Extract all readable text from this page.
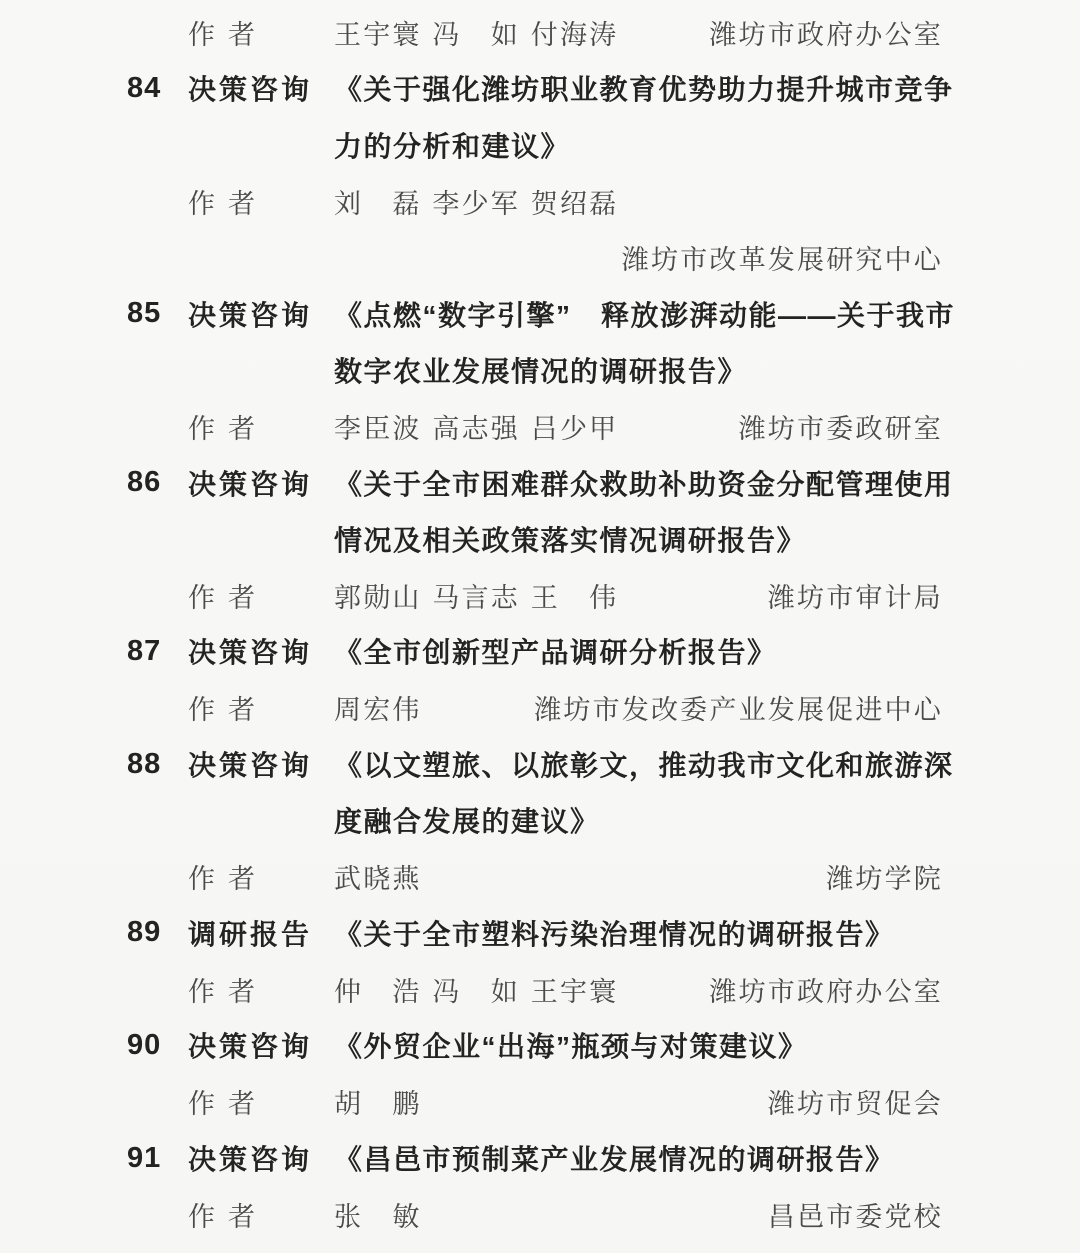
作 者	王宇寰 冯　如 付海涛	潍坊市政府办公室
84 决策咨询 《关于强化潍坊职业教育优势助力提升城市竞争
力的分析和建议》
作 者	刘　磊 李少军 贺绍磊
潍坊市改革发展研究中心
85 决策咨询 《点燃“数字引擎”　释放澎湃动能——关于我市
数字农业发展情况的调研报告》
作 者	李臣波 高志强 吕少甲	潍坊市委政研室
86 决策咨询 《关于全市困难群众救助补助资金分配管理使用
情况及相关政策落实情况调研报告》
作 者	郭勋山 马言志 王　伟	潍坊市审计局
87 决策咨询 《全市创新型产品调研分析报告》
作 者	周宏伟	潍坊市发改委产业发展促进中心
88 决策咨询 《以文塑旅、以旅彰文，推动我市文化和旅游深
度融合发展的建议》
作 者	武晓燕	潍坊学院
89 调研报告 《关于全市塑料污染治理情况的调研报告》
作 者	仲　浩 冯　如 王宇寰	潍坊市政府办公室
90 决策咨询 《外贸企业“出海”瓶颈与对策建议》
作 者	胡　鹏	潍坊市贸促会
91 决策咨询 《昌邑市预制菜产业发展情况的调研报告》
作 者	张　敏	昌邑市委党校
